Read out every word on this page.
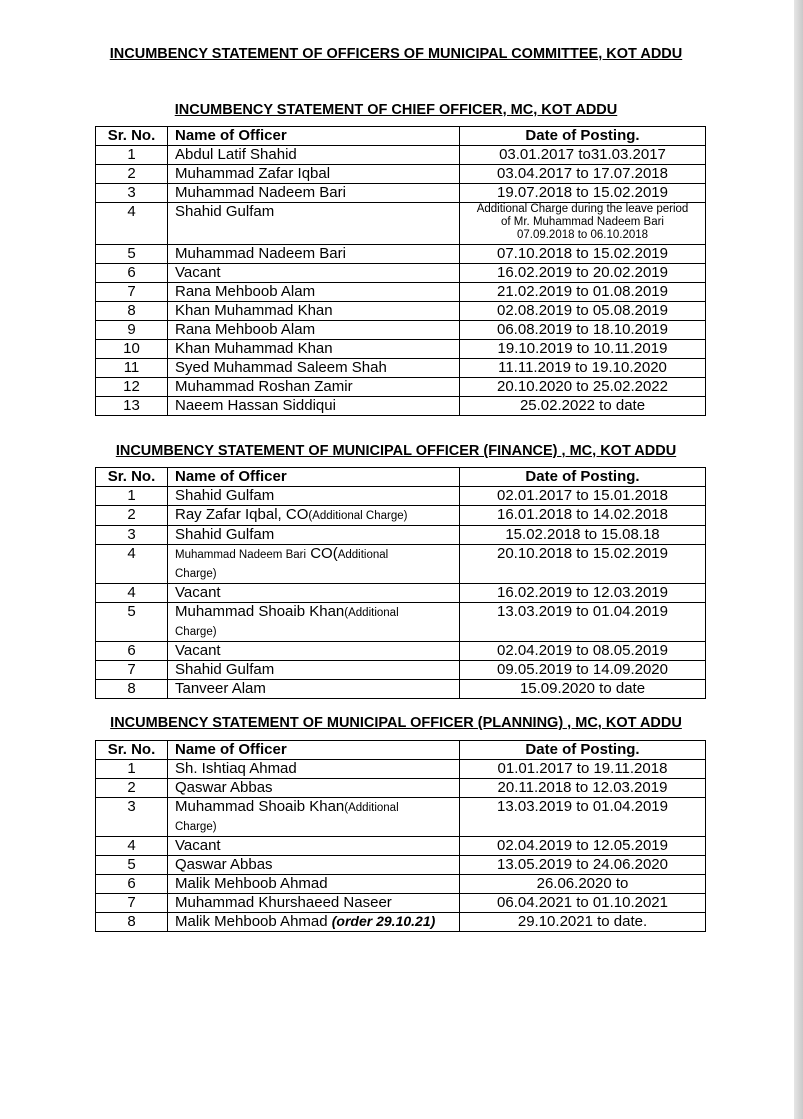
INCUMBENCY STATEMENT OF OFFICERS OF MUNICIPAL COMMITTEE, KOT ADDU
INCUMBENCY STATEMENT OF CHIEF OFFICER, MC, KOT ADDU
Sr. No.	Name of Officer	Date of Posting.
1	Abdul Latif Shahid	03.01.2017 to31.03.2017
2	Muhammad Zafar Iqbal	03.04.2017 to 17.07.2018
3	Muhammad Nadeem Bari	19.07.2018 to 15.02.2019
4	Shahid Gulfam	Additional Charge during the leave period
of Mr. Muhammad Nadeem Bari
07.09.2018 to 06.10.2018

5	Muhammad Nadeem Bari	07.10.2018 to 15.02.2019
6	Vacant	16.02.2019 to 20.02.2019
7	Rana Mehboob Alam	21.02.2019 to 01.08.2019
8	Khan Muhammad Khan	02.08.2019 to 05.08.2019
9	Rana Mehboob Alam	06.08.2019 to 18.10.2019
10	Khan Muhammad Khan	19.10.2019 to 10.11.2019
11	Syed Muhammad Saleem Shah	11.11.2019 to 19.10.2020
12	Muhammad Roshan Zamir	20.10.2020 to 25.02.2022
13	Naeem Hassan Siddiqui	25.02.2022 to date
INCUMBENCY STATEMENT OF MUNICIPAL OFFICER (FINANCE) , MC, KOT ADDU
Sr. No.	Name of Officer	Date of Posting.
1	Shahid Gulfam	02.01.2017 to 15.01.2018
2	Ray Zafar Iqbal, CO(Additional Charge)	16.01.2018 to 14.02.2018
3	Shahid Gulfam	15.02.2018 to 15.08.18
4	Muhammad Nadeem Bari CO(Additional
Charge)	20.10.2018 to 15.02.2019
4	Vacant	16.02.2019 to 12.03.2019
5	Muhammad Shoaib Khan(Additional
Charge)	13.03.2019 to 01.04.2019
6	Vacant	02.04.2019 to 08.05.2019
7	Shahid Gulfam	09.05.2019 to 14.09.2020
8	Tanveer Alam	15.09.2020 to date
INCUMBENCY STATEMENT OF MUNICIPAL OFFICER (PLANNING) , MC, KOT ADDU
Sr. No.	Name of Officer	Date of Posting.
1	Sh. Ishtiaq Ahmad	01.01.2017 to 19.11.2018
2	Qaswar Abbas	20.11.2018 to 12.03.2019
3	Muhammad Shoaib Khan(Additional
Charge)	13.03.2019 to 01.04.2019
4	Vacant	02.04.2019 to 12.05.2019
5	Qaswar Abbas	13.05.2019 to 24.06.2020
6	Malik Mehboob Ahmad	26.06.2020 to
7	Muhammad Khurshaeed Naseer	06.04.2021 to 01.10.2021
8	Malik Mehboob Ahmad (order 29.10.21)	29.10.2021 to date.
